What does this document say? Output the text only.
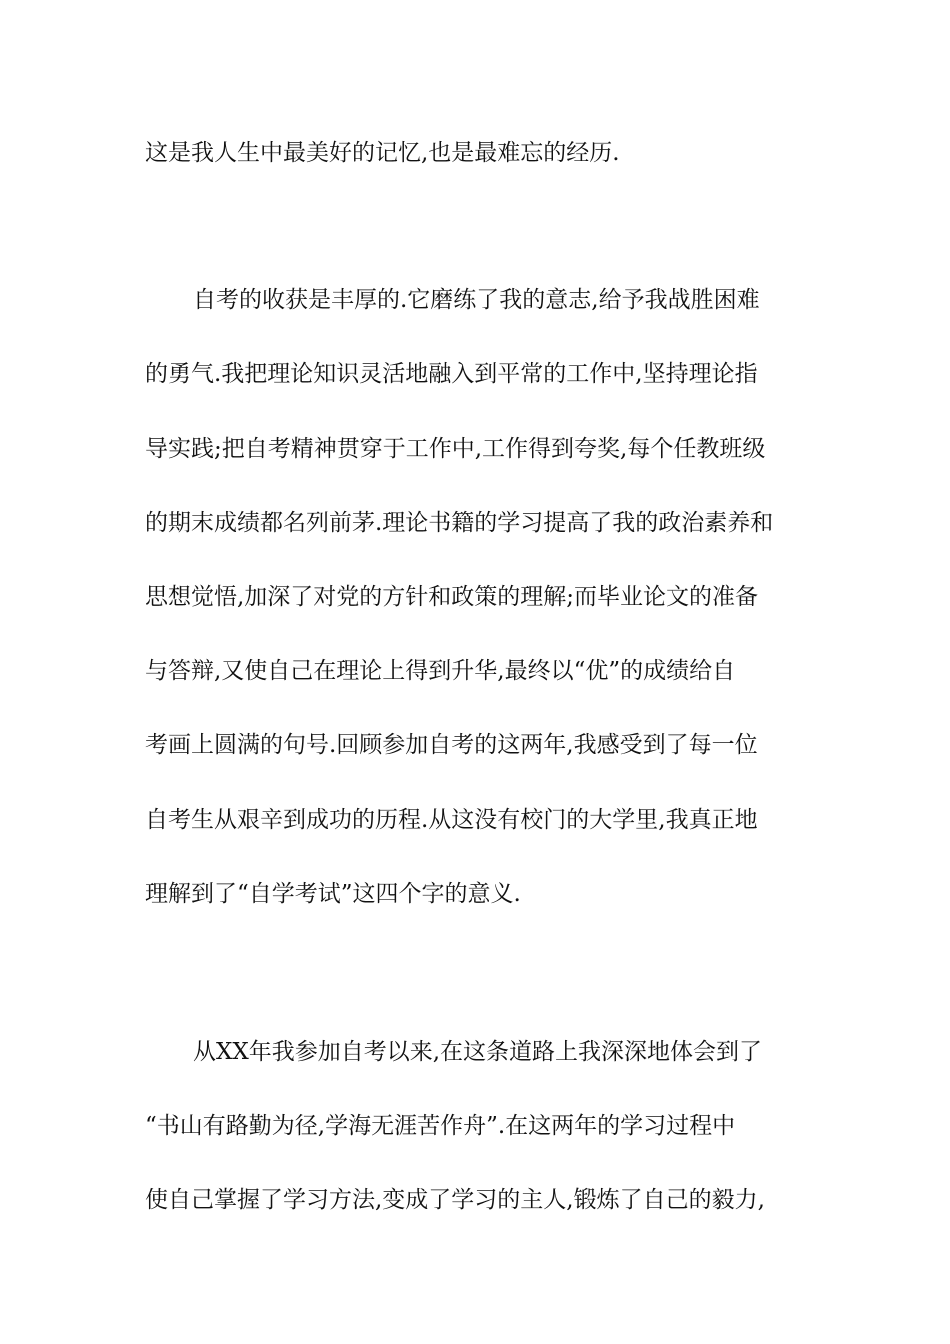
这是我人生中最美好的记忆,也是最难忘的经历.

自考的收获是丰厚的.它磨练了我的意志,给予我战胜困难

的勇气.我把理论知识灵活地融入到平常的工作中,坚持理论指

导实践;把自考精神贯穿于工作中,工作得到夸奖,每个任教班级

的期末成绩都名列前茅.理论书籍的学习提高了我的政治素养和

思想觉悟,加深了对党的方针和政策的理解;而毕业论文的准备

与答辩,又使自己在理论上得到升华,最终以“优”的成绩给自

考画上圆满的句号.回顾参加自考的这两年,我感受到了每一位

自考生从艰辛到成功的历程.从这没有校门的大学里,我真正地

理解到了“自学考试”这四个字的意义.

从XX年我参加自考以来,在这条道路上我深深地体会到了

“书山有路勤为径,学海无涯苦作舟”.在这两年的学习过程中

使自己掌握了学习方法,变成了学习的主人,锻炼了自己的毅力,
